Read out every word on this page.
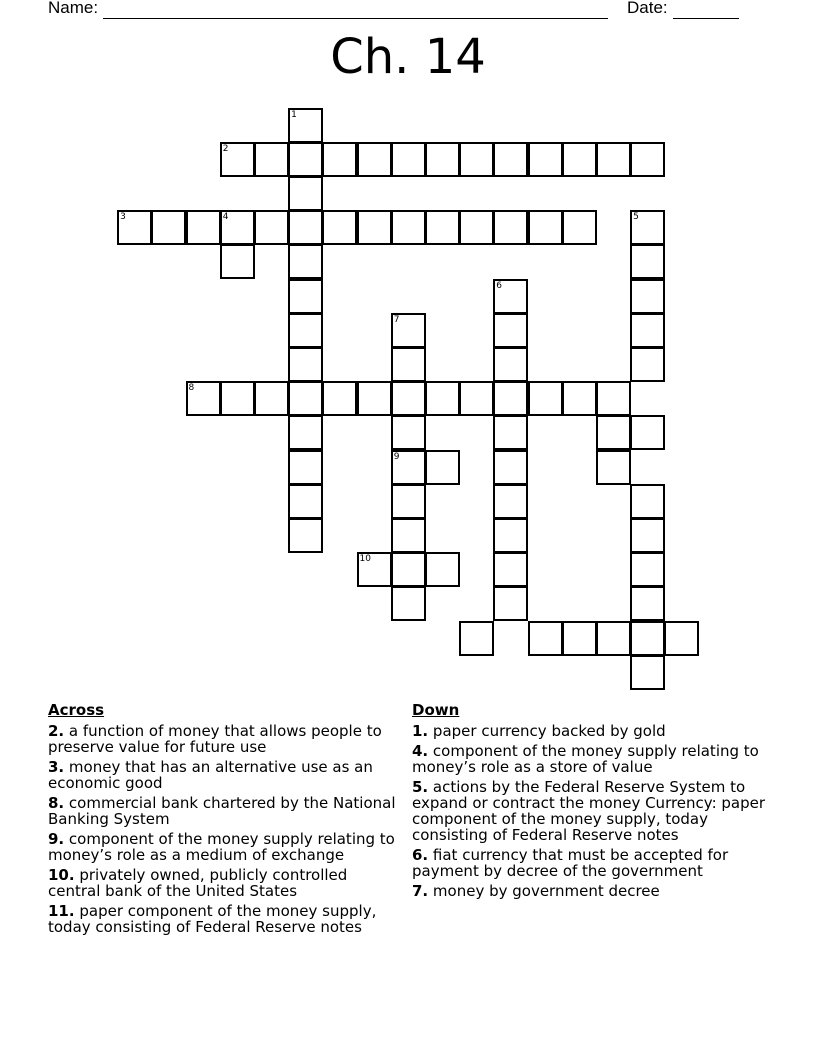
Name:	Date:
Ch. 14
1
2
3	4
8
5
6
7
9
10
Across
2. a function of money that allows people to preserve value for future use
3. money that has an alternative use as an economic good
8. commercial bank chartered by the National Banking System
9. component of the money supply relating to money’s role as a medium of exchange
10. privately owned, publicly controlled central bank of the United States
11. paper component of the money supply, today consisting of Federal Reserve notes
Down
1. paper currency backed by gold
4. component of the money supply relating to money’s role as a store of value
5. actions by the Federal Reserve System to expand or contract the money Currency: paper component of the money supply, today consisting of Federal Reserve notes
6. fiat currency that must be accepted for payment by decree of the government
7. money by government decree
